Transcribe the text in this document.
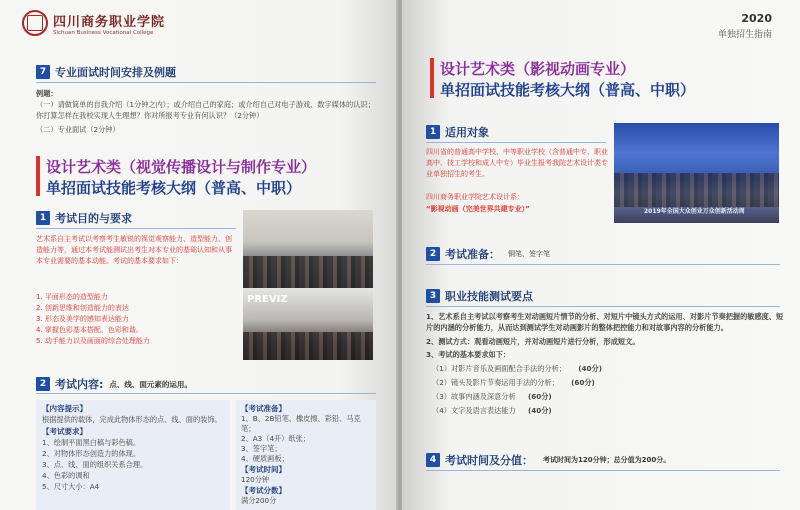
四川商务职业学院
Sichuan Business Vocational College
7 专业面试时间安排及例题
例题：
（一）请做简单的自我介绍（1分钟之内）；或介绍自己的家庭；或介绍自己对电子游戏、数字媒体的认识；你打算怎样在我校实现人生理想？你对所报考专业有何认识？（2分钟）
（二）专业面试（2分钟）
设计艺术类（视觉传播设计与制作专业）
单招面试技能考核大纲（普高、中职）
1 考试目的与要求
艺术系自主考试以考察考生敏锐的视觉观察能力、造型能力、创造能力等，通过本考试能测试出考生对本专业的基础认知和从事本专业需要的基本动能。考试的基本要求如下：
1. 平面形态的造型能力
2. 创新思维和创造能力的表达
3. 形态及美学的感知表达能力
4. 掌握色彩基本搭配、色彩和谐。
5. 动手能力以及画面的综合处理能力
PREVIZ
2 考试内容: 点、线、面元素的运用。
【内容提示】
根据提供的载体，完成此物体形态的点、线、面的装饰。
【考试要求】
1、绘制平面黑白稿与彩色稿。
2、对物体形态创造力的体现。
3、点、线、面的组织关系合理。
4、色彩的调和
5、尺寸大小：A4
【考试准备】
1、B、2B铅笔、橡皮擦、彩铅、马克笔；
2、A3（4开）纸张；
3、签字笔；
4、硬质画板；
【考试时间】
120分钟
【考试分数】
满分200分
2020
单独招生指南
设计艺术类（影视动画专业）
单招面试技能考核大纲（普高、中职）
1 适用对象
四川省的普通高中学校、中等职业学校（含普通中专、职业高中、技工学校和成人中专）毕业生报考我院艺术设计类专业单独招生的考生。
四川商务职业学院艺术设计系：
“影视动画（完美世界共建专业）”	2019年全国大众创业万众创新活动周
2 考试准备： 铜笔、签字笔
3 职业技能测试要点
1、艺术系自主考试以考察考生对动画短片情节的分析、对短片中镜头方式的运用、对影片节奏把握的敏感度、短片的内涵的分析能力，从而达到测试学生对动画影片的整体把控能力和对故事内容的分析能力。
2、测试方式：观看动画短片，并对动画短片进行分析，形成短文。
3、考试的基本要求如下：
（1）对影片音乐及画面配合手法的分析； (40分)
（2）镜头及影片节奏运用手法的分析； (60分)
（3）故事内涵及深意分析 (60分)
（4）文字及语言表达能力 (40分)
4 考试时间及分值： 考试时间为120分钟；总分值为200分。
